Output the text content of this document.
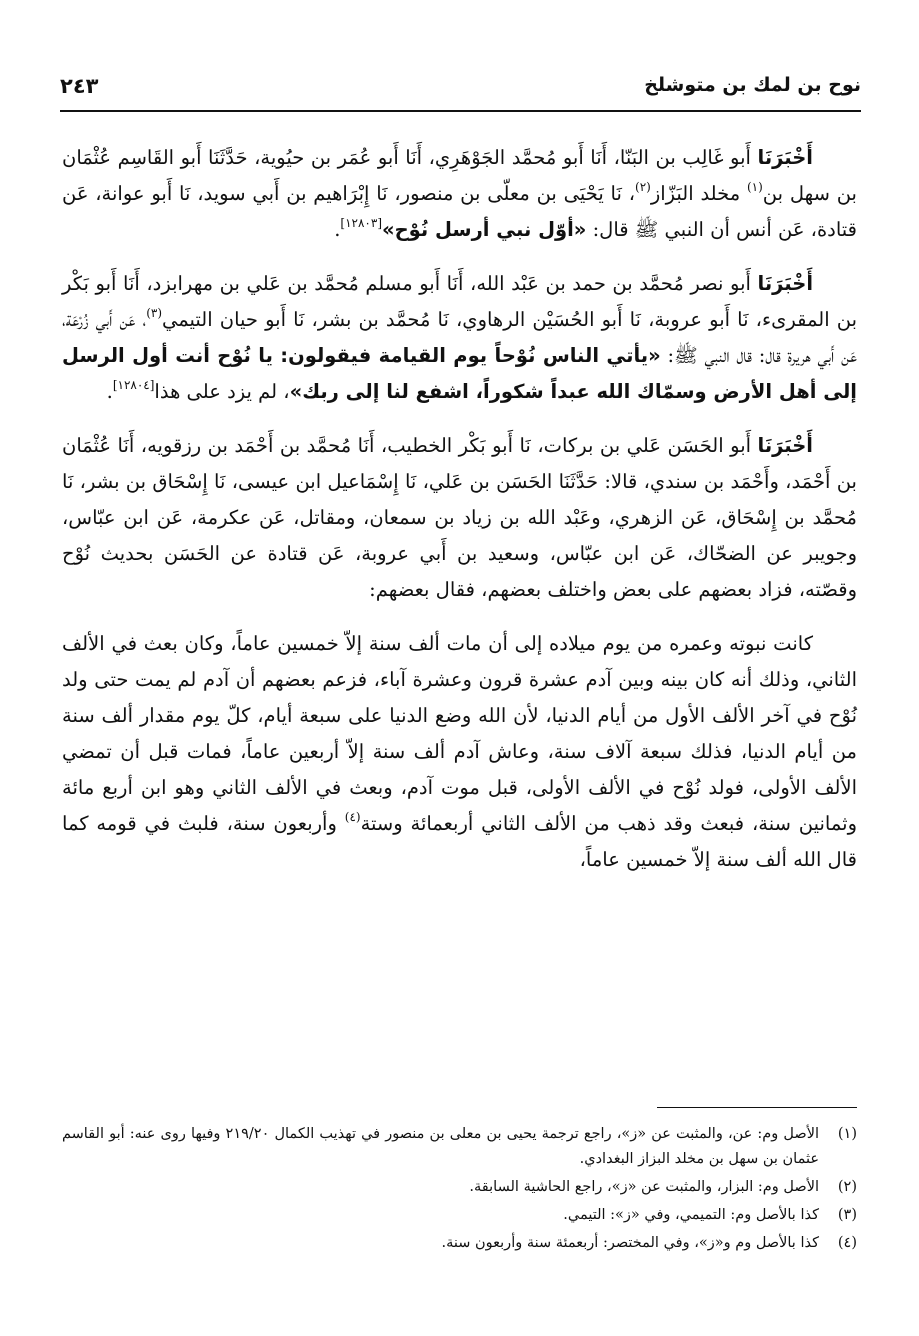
نوح بن لمك بن متوشلخ
٢٤٣

أَخْبَرَنَا أَبو غَالِب بن البَنّا، أَنَا أَبو مُحمَّد الجَوْهَرِي، أَنَا أَبو عُمَر بن حيُوية، حَدَّثَنَا أَبو القَاسِم عُثْمَان بن سهل بن$^{(١)}$ مخلد البَزّاز$^{(٢)}$، نَا يَحْيَى بن معلّى بن منصور، نَا إِبْرَاهيم بن أَبي سويد، نَا أَبو عوانة، عَن قتادة، عَن أنس أن النبي ﷺ قال: «أوّل نبي أرسل نُوْح»[١٢٨٠٣].

أَخْبَرَنَا أَبو نصر مُحمَّد بن حمد بن عَبْد الله، أَنَا أَبو مسلم مُحمَّد بن عَلي بن مهرابزد، أَنَا أَبو بَكْر بن المقرىء، نَا أَبو عروبة، نَا أَبو الحُسَيْن الرهاوي، نَا مُحمَّد بن بشر، نَا أَبو حيان التيمي$^{(٣)}$، عَن أَبي زُرْعَة، عَن أَبي هريرة قال: قال النبي ﷺ: «يأتي الناس نُوْحاً يوم القيامة فيقولون: يا نُوْح أنت أول الرسل إلى أهل الأرض وسمّاك الله عبداً شكوراً، اشفع لنا إلى ربك»، لم يزد على هذا[١٢٨٠٤].

أَخْبَرَنَا أَبو الحَسَن عَلي بن بركات، نَا أَبو بَكْر الخطيب، أَنَا مُحمَّد بن أَحْمَد بن رزقويه، أَنَا عُثْمَان بن أَحْمَد، وأَحْمَد بن سندي، قالا: حَدَّثَنَا الحَسَن بن عَلي، نَا إِسْمَاعيل ابن عيسى، نَا إِسْحَاق بن بشر، نَا مُحمَّد بن إِسْحَاق، عَن الزهري، وعَبْد الله بن زياد بن سمعان، ومقاتل، عَن عكرمة، عَن ابن عبّاس، وجويبر عن الضحّاك، عَن ابن عبّاس، وسعيد بن أَبي عروبة، عَن قتادة عن الحَسَن بحديث نُوْح وقصّته، فزاد بعضهم على بعض واختلف بعضهم، فقال بعضهم:

كانت نبوته وعمره من يوم ميلاده إلى أن مات ألف سنة إلاّ خمسين عاماً، وكان بعث في الألف الثاني، وذلك أنه كان بينه وبين آدم عشرة قرون وعشرة آباء، فزعم بعضهم أن آدم لم يمت حتى ولد نُوْح في آخر الألف الأول من أيام الدنيا، لأن الله وضع الدنيا على سبعة أيام، كلّ يوم مقدار ألف سنة من أيام الدنيا، فذلك سبعة آلاف سنة، وعاش آدم ألف سنة إلاّ أربعين عاماً، فمات قبل أن تمضي الألف الأولى، فولد نُوْح في الألف الأولى، قبل موت آدم، وبعث في الألف الثاني وهو ابن أربع مائة وثمانين سنة، فبعث وقد ذهب من الألف الثاني أربعمائة وستة$^{(٤)}$ وأربعون سنة، فلبث في قومه كما قال الله ألف سنة إلاّ خمسين عاماً،

(١)
الأصل وم: عن، والمثبت عن «ز»، راجع ترجمة يحيى بن معلى بن منصور في تهذيب الكمال ٢١٩/٢٠ وفيها روى عنه: أبو القاسم عثمان بن سهل بن مخلد البزاز البغدادي.
(٢)
الأصل وم: البزار، والمثبت عن «ز»، راجع الحاشية السابقة.
(٣)
كذا بالأصل وم: التميمي، وفي «ز»: التيمي.
(٤)
كذا بالأصل وم و«ز»، وفي المختصر: أربعمئة سنة وأربعون سنة.
